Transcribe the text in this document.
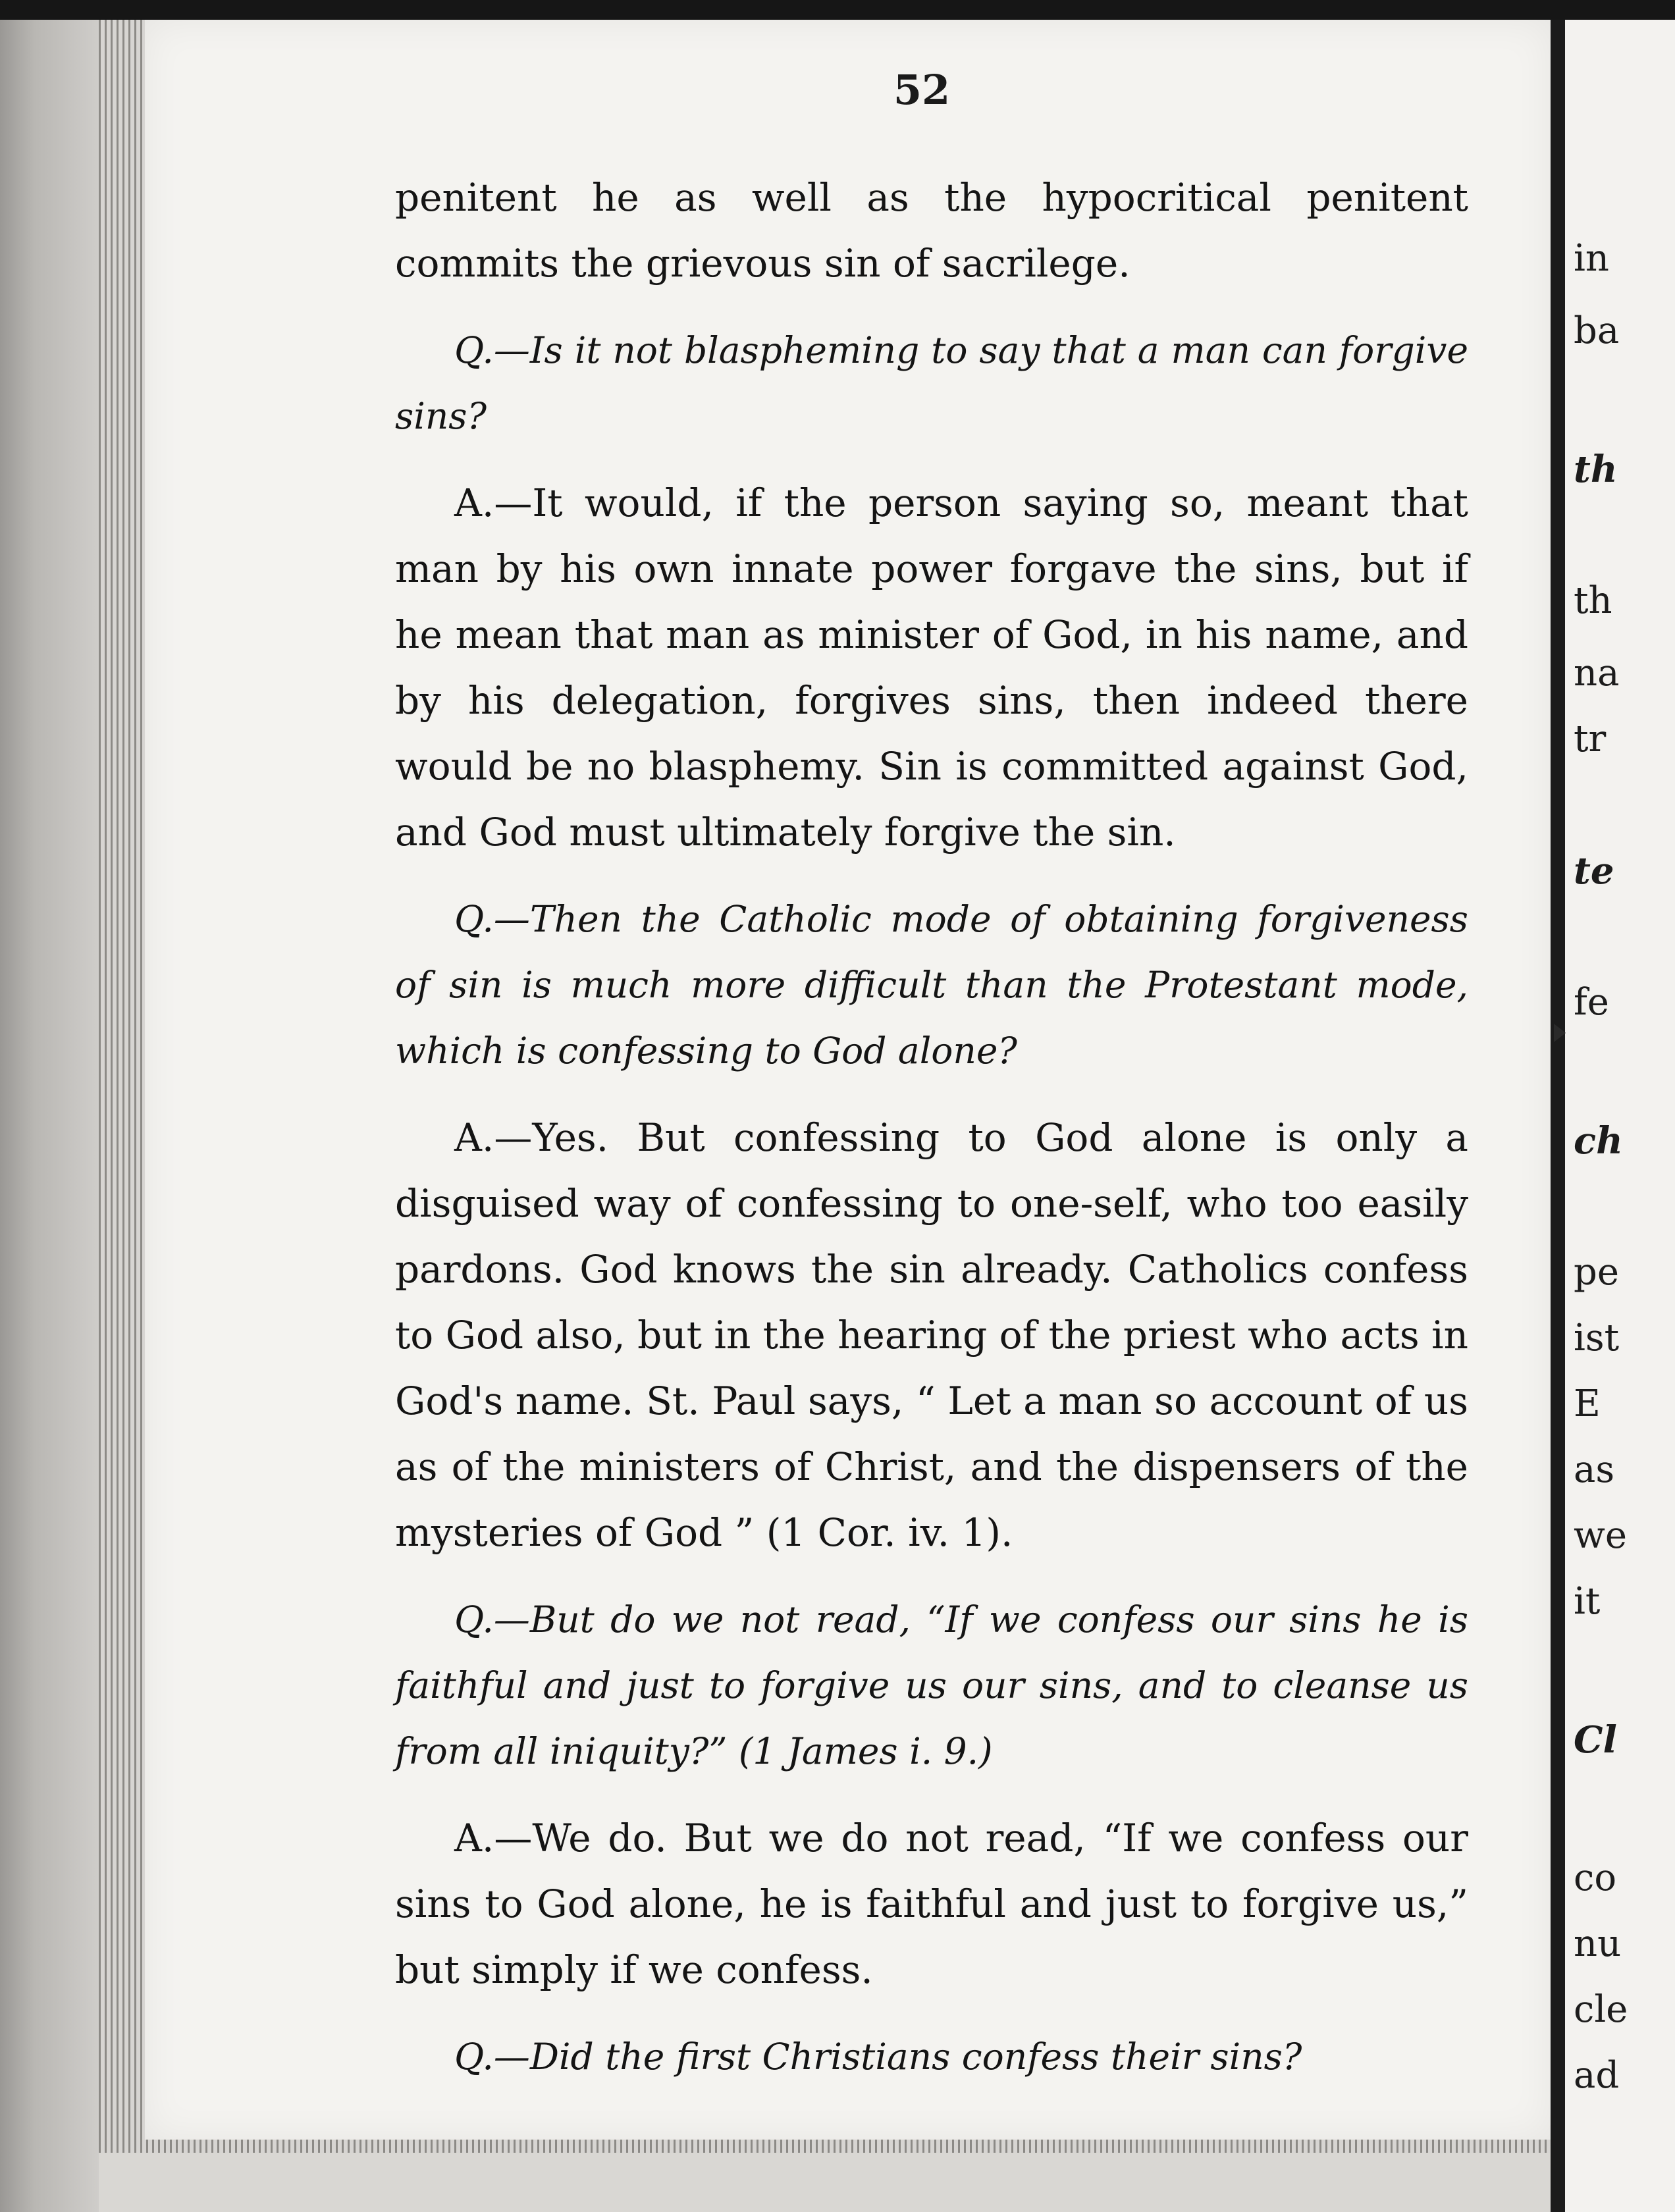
52

penitent he as well as the hypocritical penitent commits the grievous sin of sacrilege.

Q.—Is it not blaspheming to say that a man can forgive sins?

A.—It would, if the person saying so, meant that man by his own innate power forgave the sins, but if he mean that man as minister of God, in his name, and by his delegation, forgives sins, then indeed there would be no blasphemy. Sin is committed against God, and God must ultimately forgive the sin.

Q.—Then the Catholic mode of obtaining forgiveness of sin is much more difficult than the Protestant mode, which is confessing to God alone?

A.—Yes. But confessing to God alone is only a disguised way of confessing to one-self, who too easily pardons. God knows the sin already. Catholics confess to God also, but in the hearing of the priest who acts in God's name. St. Paul says, “ Let a man so account of us as of the ministers of Christ, and the dispensers of the mysteries of God ” (1 Cor. iv. 1).

Q.—But do we not read, “If we confess our sins he is faithful and just to forgive us our sins, and to cleanse us from all iniquity?” (1 James i. 9.)

A.—We do. But we do not read, “If we confess our sins to God alone, he is faithful and just to forgive us,” but simply if we confess.

Q.—Did the first Christians confess their sins?

in
ba
th
th
na
tr
te
fe
ch
pe
ist
E
as
we
it
Cl
co
nu
cle
ad
